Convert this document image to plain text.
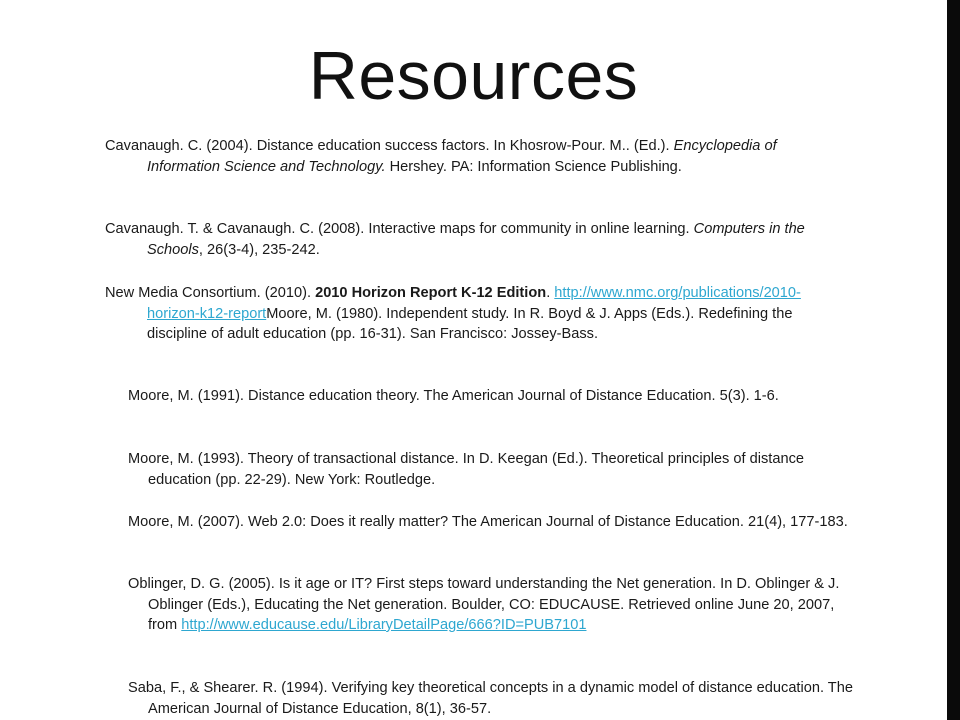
Resources

Cavanaugh. C. (2004). Distance education success factors. In Khosrow-Pour. M.. (Ed.). Encyclopedia of Information Science and Technology. Hershey. PA: Information Science Publishing.

Cavanaugh. T. & Cavanaugh. C. (2008). Interactive maps for community in online learning. Computers in the Schools, 26(3-4), 235-242.

New Media Consortium. (2010). 2010 Horizon Report K-12 Edition. http://www.nmc.org/publications/2010-horizon-k12-reportMoore, M. (1980). Independent study. In R. Boyd & J. Apps (Eds.). Redefining the discipline of adult education (pp. 16-31). San Francisco: Jossey-Bass.

Moore, M. (1991). Distance education theory. The American Journal of Distance Education. 5(3). 1-6.

Moore, M. (1993). Theory of transactional distance. In D. Keegan (Ed.). Theoretical principles of distance education (pp. 22-29). New York: Routledge.

Moore, M. (2007). Web 2.0: Does it really matter? The American Journal of Distance Education. 21(4), 177-183.

Oblinger, D. G. (2005). Is it age or IT? First steps toward understanding the Net generation. In D. Oblinger & J. Oblinger (Eds.), Educating the Net generation. Boulder, CO: EDUCAUSE. Retrieved online June 20, 2007, from http://www.educause.edu/LibraryDetailPage/666?ID=PUB7101

Saba, F., & Shearer. R. (1994). Verifying key theoretical concepts in a dynamic model of distance education. The American Journal of Distance Education, 8(1), 36-57.
